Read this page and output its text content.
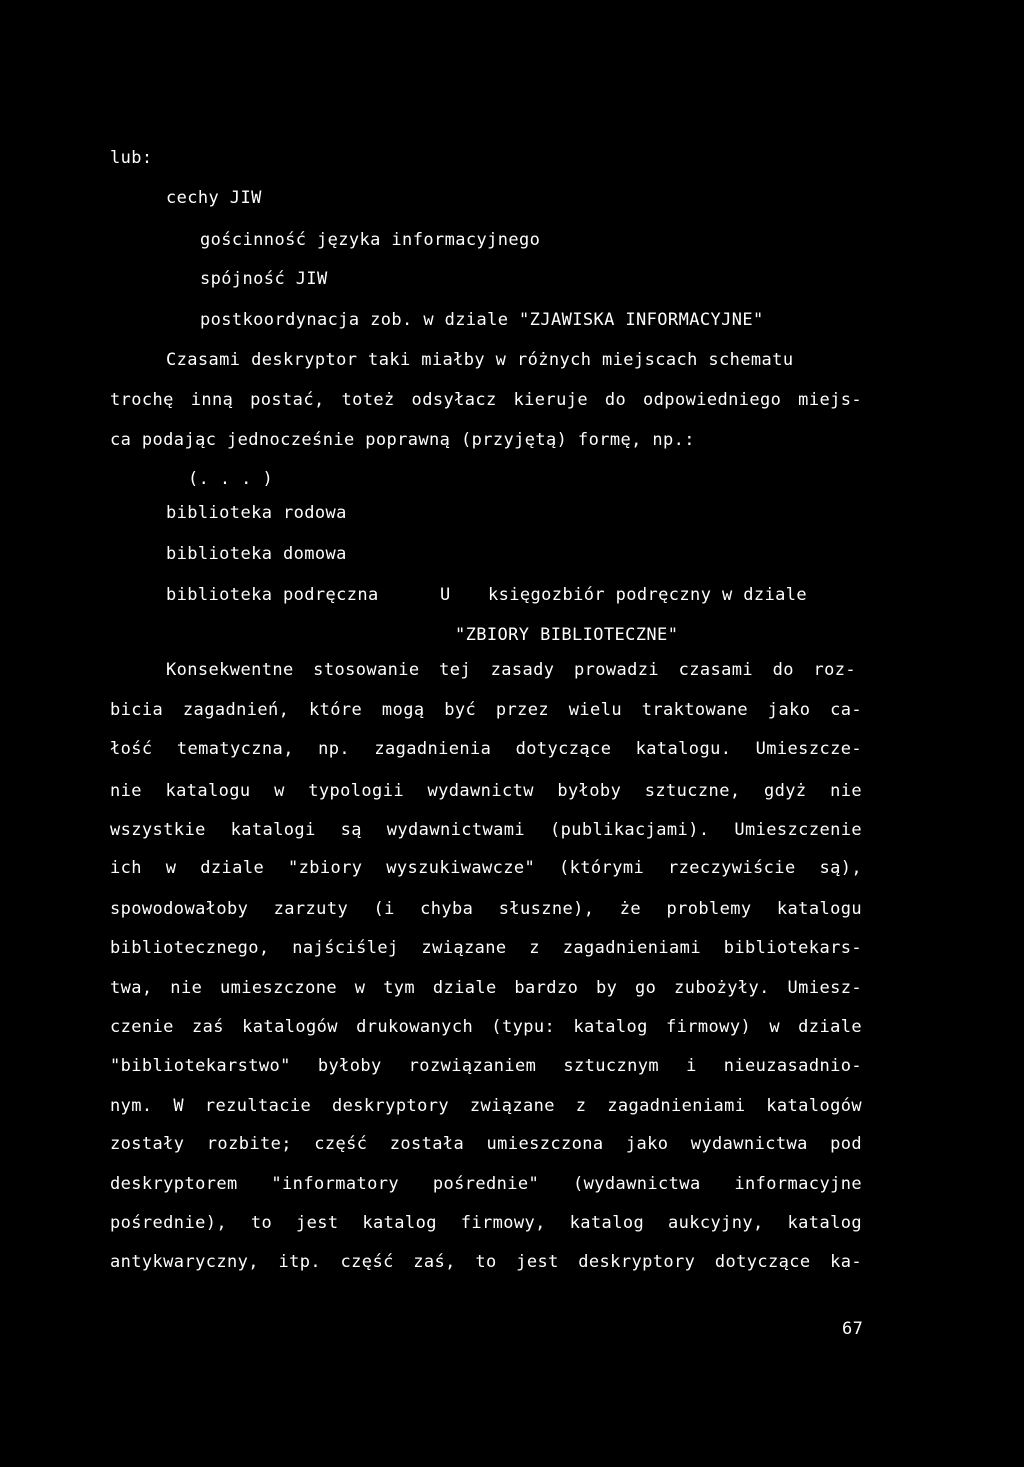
lub:
cechy JIW
gościnność języka informacyjnego
spójność JIW
postkoordynacja zob. w dziale "ZJAWISKA INFORMACYJNE"
Czasami deskryptor taki miałby w różnych miejscach schematu
trochę inną postać, toteż odsyłacz kieruje do odpowiedniego miejs-
ca podając jednocześnie poprawną (przyjętą) formę, np.:
(. . . )
biblioteka rodowa
biblioteka domowa
biblioteka podręczna	U księgozbiór podręczny w dziale
"ZBIORY BIBLIOTECZNE"
Konsekwentne stosowanie tej zasady prowadzi czasami do roz-
bicia zagadnień, które mogą być przez wielu traktowane jako ca-
łość tematyczna, np. zagadnienia dotyczące katalogu. Umieszcze-
nie katalogu w typologii wydawnictw byłoby sztuczne, gdyż nie
wszystkie katalogi są wydawnictwami (publikacjami). Umieszczenie
ich w dziale "zbiory wyszukiwawcze" (którymi rzeczywiście są),
spowodowałoby zarzuty (i chyba słuszne), że problemy katalogu
bibliotecznego, najściślej związane z zagadnieniami bibliotekars-
twa, nie umieszczone w tym dziale bardzo by go zubożyły. Umiesz-
czenie zaś katalogów drukowanych (typu: katalog firmowy) w dziale
"bibliotekarstwo" byłoby rozwiązaniem sztucznym i nieuzasadnio-
nym. W rezultacie deskryptory związane z zagadnieniami katalogów
zostały rozbite; część została umieszczona jako wydawnictwa pod
deskryptorem "informatory pośrednie" (wydawnictwa informacyjne
pośrednie), to jest katalog firmowy, katalog aukcyjny, katalog
antykwaryczny, itp. część zaś, to jest deskryptory dotyczące ka-
67
